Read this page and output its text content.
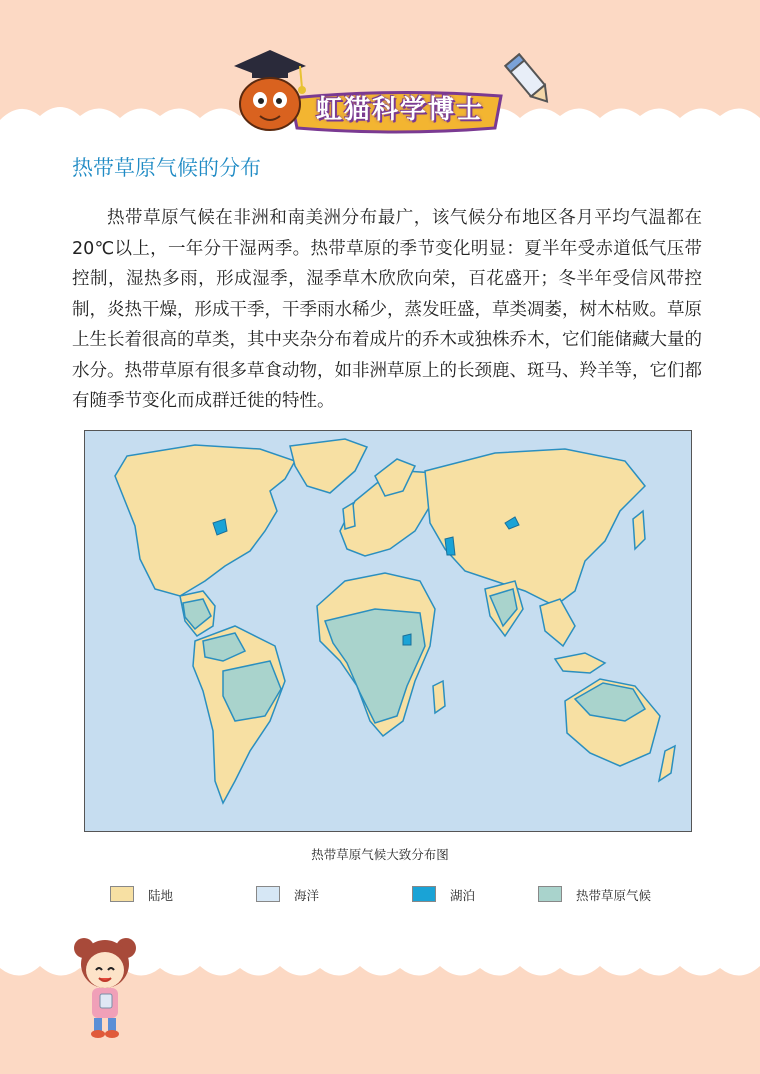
虹猫科学博士
热带草原气候的分布

热带草原气候在非洲和南美洲分布最广，该气候分布地区各月平均气温都在 20℃以上，一年分干湿两季。热带草原的季节变化明显：夏半年受赤道低气压带控制，湿热多雨，形成湿季，湿季草木欣欣向荣，百花盛开；冬半年受信风带控制，炎热干燥，形成干季，干季雨水稀少，蒸发旺盛，草类凋萎，树木枯败。草原上生长着很高的草类，其中夹杂分布着成片的乔木或独株乔木，它们能储藏大量的水分。热带草原有很多草食动物，如非洲草原上的长颈鹿、斑马、羚羊等，它们都有随季节变化而成群迁徙的特性。

热带草原气候大致分布图
陆地	海洋	湖泊	热带草原气候
